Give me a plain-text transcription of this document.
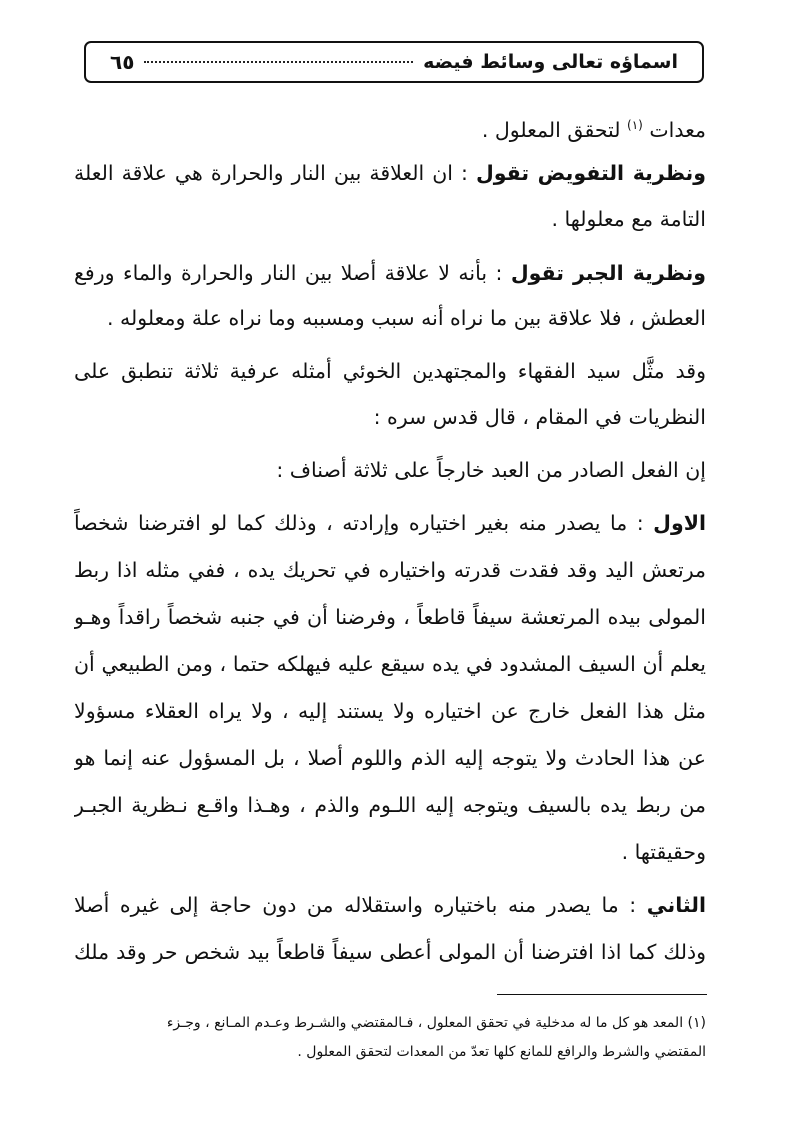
اسماؤه تعالى وسائط فيضه
٦٥
معدات $^{(١)}$ لتحقق المعلول .
ونظرية التفويض تقول : ان العلاقة بين النار والحرارة هي علاقة العلة
التامة مع معلولها .
ونظرية الجبر تقول : بأنه لا علاقة أصلا بين النار والحرارة والماء ورفع
العطش ، فلا علاقة بين ما نراه أنه سبب ومسببه وما نراه علة ومعلوله .
وقد مثَّل سيد الفقهاء والمجتهدين الخوئي أمثله عرفية ثلاثة تنطبق على
النظريات في المقام ، قال قدس سره :
إن الفعل الصادر من العبد خارجاً على ثلاثة أصناف :
الاول : ما يصدر منه بغير اختياره وإرادته ، وذلك كما لو افترضنا شخصاً
مرتعش اليد وقد فقدت قدرته واختياره في تحريك يده ، ففي مثله اذا ربط
المولى بيده المرتعشة سيفاً قاطعاً ، وفرضنا أن في جنبه شخصاً راقداً وهـو
يعلم أن السيف المشدود في يده سيقع عليه فيهلكه حتما ، ومن الطبيعي أن
مثل هذا الفعل خارج عن اختياره ولا يستند إليه ، ولا يراه العقلاء مسؤولا
عن هذا الحادث ولا يتوجه إليه الذم واللوم أصلا ، بل المسؤول عنه إنما هو
من ربط يده بالسيف ويتوجه إليه اللـوم والذم ، وهـذا واقـع نـظرية الجبـر
وحقيقتها .
الثاني : ما يصدر منه باختياره واستقلاله من دون حاجة إلى غيره أصلا
وذلك كما اذا افترضنا أن المولى أعطى سيفاً قاطعاً بيد شخص حر وقد ملك
(١) المعد هو كل ما له مدخلية في تحقق المعلول ، فـالمقتضي والشـرط وعـدم المـانع ، وجـزء
المقتضي والشرط والرافع للمانع كلها تعدّ من المعدات لتحقق المعلول .
